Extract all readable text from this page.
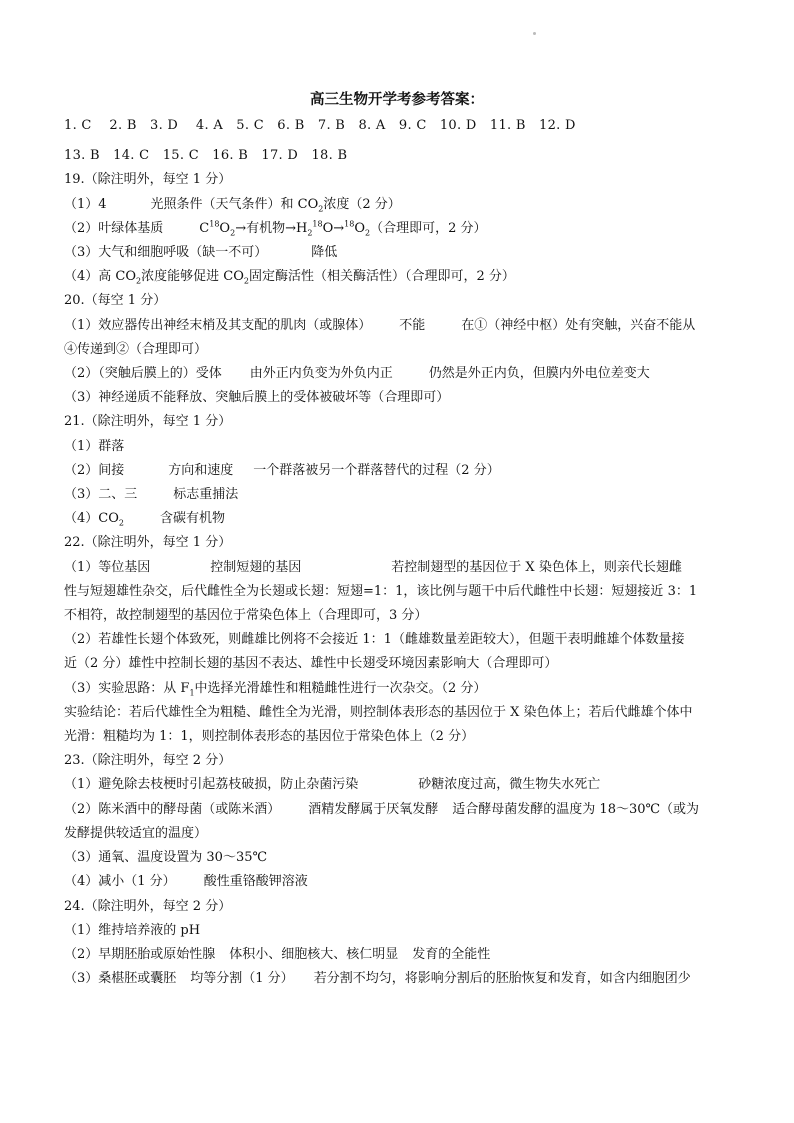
高三生物开学考参考答案：
1. C    2. B   3. D    4. A   5. C   6. B   7. B   8. A   9. C   10. D   11. B   12. D
13. B   14. C   15. C   16. B   17. D   18. B
19.（除注明外，每空 1 分）
（1）4	光照条件（天气条件）和 $CO_2$浓度（2 分）
（2）叶绿体基质	$C^{18}O_2\to$有机物$\to H_2^{18}O\to^{18}O_2$（合理即可，2 分）
（3）大气和细胞呼吸（缺一不可）	降低
（4）高 $CO_2$浓度能够促进 $CO_2$固定酶活性（相关酶活性）（合理即可，2 分）
20.（每空 1 分）
（1）效应器传出神经末梢及其支配的肌肉（或腺体） 不能	在①（神经中枢）处有突触，兴奋不能从
④传递到②（合理即可）
（2）（突触后膜上的）受体 由外正内负变为外负内正	仍然是外正内负，但膜内外电位差变大
（3）神经递质不能释放、突触后膜上的受体被破坏等（合理即可）
21.（除注明外，每空 1 分）
（1）群落
（2）间接	方向和速度 一个群落被另一个群落替代的过程（2 分）
（3）二、三	标志重捕法
$(4)CO_2$	含碳有机物
22.（除注明外，每空 1 分）
（1）等位基因	控制短翅的基因	若控制翅型的基因位于 X 染色体上，则亲代长翅雌
性与短翅雄性杂交，后代雌性全为长翅或长翅：短翅=1：1，该比例与题干中后代雌性中长翅：短翅接近 3：1
不相符，故控制翅型的基因位于常染色体上（合理即可，3 分）
（2）若雄性长翅个体致死，则雌雄比例将不会接近 1：1（雌雄数量差距较大），但题干表明雌雄个体数量接
近（2 分）雄性中控制长翅的基因不表达、雄性中长翅受环境因素影响大（合理即可）
（3）实验思路：从 $F_1$中选择光滑雄性和粗糙雌性进行一次杂交。（2 分）
实验结论：若后代雄性全为粗糙、雌性全为光滑，则控制体表形态的基因位于 X 染色体上；若后代雌雄个体中
光滑：粗糙均为 1：1，则控制体表形态的基因位于常染色体上（2 分）
23.（除注明外，每空 2 分）
（1）避免除去枝梗时引起荔枝破损，防止杂菌污染	砂糖浓度过高，微生物失水死亡
（2）陈米酒中的酵母菌（或陈米酒） 酒精发酵属于厌氧发酵 适合酵母菌发酵的温度为 18～30℃（或为
发酵提供较适宜的温度）
（3）通氧、温度设置为 30～35℃
（4）减小（1 分） 酸性重铬酸钾溶液
24.（除注明外，每空 2 分）
（1）维持培养液的 pH
（2）早期胚胎或原始性腺 体积小、细胞核大、核仁明显 发育的全能性
（3）桑椹胚或囊胚 均等分割（1 分） 若分割不均匀，将影响分割后的胚胎恢复和发育，如含内细胞团少
